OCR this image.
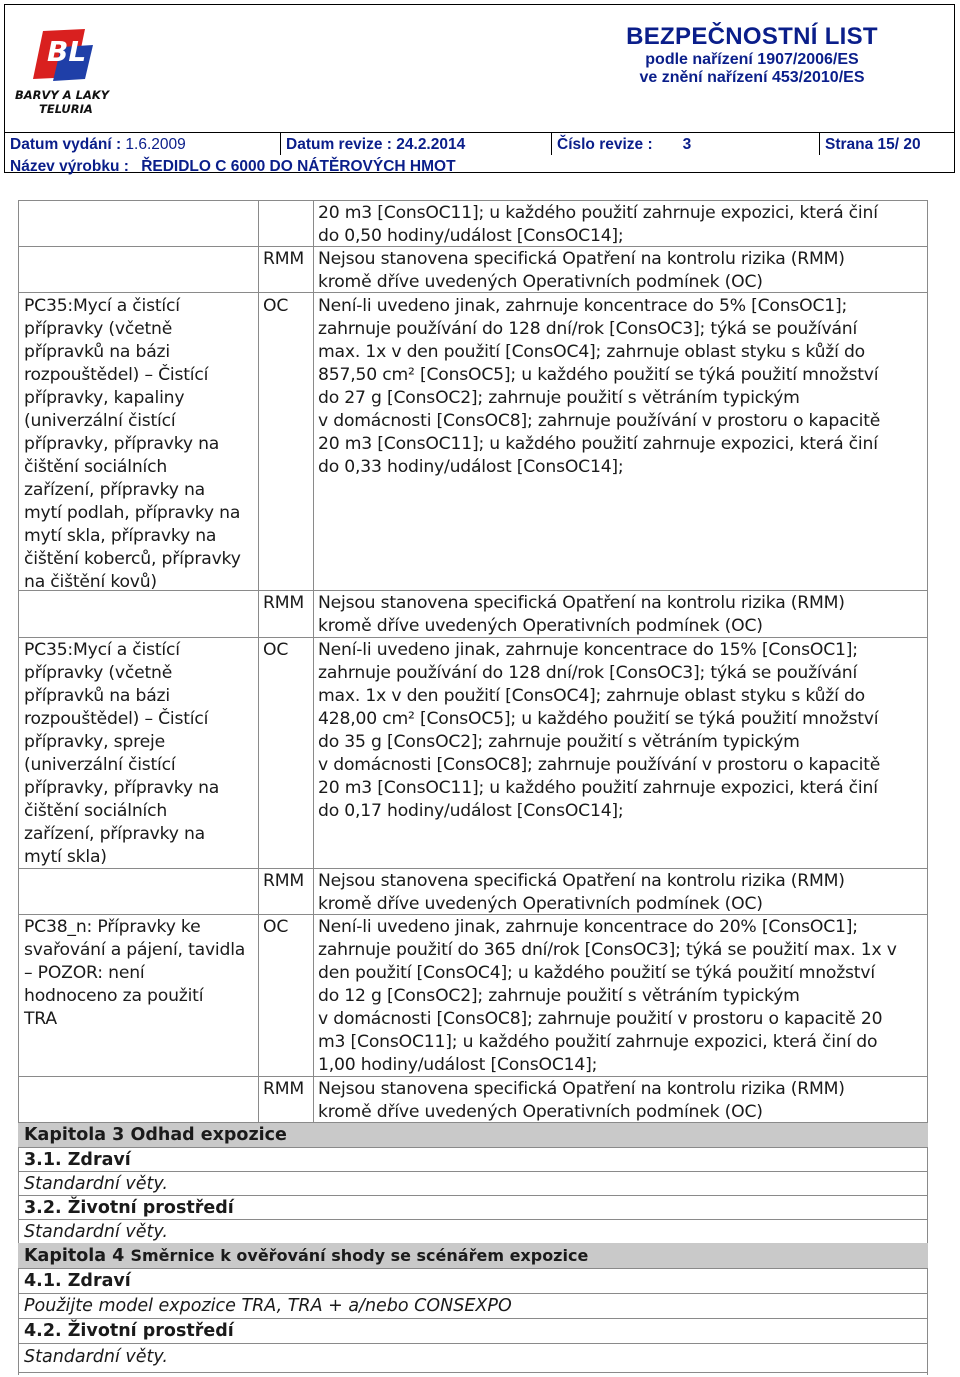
BL
BARVY A LAKY
TELURIA
BEZPEČNOSTNÍ LIST
podle nařízení 1907/2006/ES
ve znění nařízení 453/2010/ES
Datum vydání : 1.6.2009	Datum revize : 24.2.2014	Číslo revize : 3	Strana 15/ 20
Název výrobku : ŘEDIDLO C 6000 DO NÁTĚROVÝCH HMOT
20 m3 [ConsOC11]; u každého použití zahrnuje expozici, která činí
do 0,50 hodiny/událost [ConsOC14];
RMM Nejsou stanovena specifická Opatření na kontrolu rizika (RMM)
kromě dříve uvedených Operativních podmínek (OC)
PC35:Mycí a čistící
přípravky (včetně
přípravků na bázi
rozpouštědel) – Čistící
přípravky, kapaliny
(univerzální čistící
přípravky, přípravky na
čištění sociálních
zařízení, přípravky na
mytí podlah, přípravky na
mytí skla, přípravky na
čištění koberců, přípravky
na čištění kovů)
OC Není-li uvedeno jinak, zahrnuje koncentrace do 5% [ConsOC1];
zahrnuje používání do 128 dní/rok [ConsOC3]; týká se používání
max. 1x v den použití [ConsOC4]; zahrnuje oblast styku s kůží do
857,50 cm² [ConsOC5]; u každého použití se týká použití množství
do 27 g [ConsOC2]; zahrnuje použití s větráním typickým
v domácnosti [ConsOC8]; zahrnuje používání v prostoru o kapacitě
20 m3 [ConsOC11]; u každého použití zahrnuje expozici, která činí
do 0,33 hodiny/událost [ConsOC14];
RMM Nejsou stanovena specifická Opatření na kontrolu rizika (RMM)
kromě dříve uvedených Operativních podmínek (OC)
PC35:Mycí a čistící
přípravky (včetně
přípravků na bázi
rozpouštědel) – Čistící
přípravky, spreje
(univerzální čistící
přípravky, přípravky na
čištění sociálních
zařízení, přípravky na
mytí skla)
OC Není-li uvedeno jinak, zahrnuje koncentrace do 15% [ConsOC1];
zahrnuje používání do 128 dní/rok [ConsOC3]; týká se používání
max. 1x v den použití [ConsOC4]; zahrnuje oblast styku s kůží do
428,00 cm² [ConsOC5]; u každého použití se týká použití množství
do 35 g [ConsOC2]; zahrnuje použití s větráním typickým
v domácnosti [ConsOC8]; zahrnuje používání v prostoru o kapacitě
20 m3 [ConsOC11]; u každého použití zahrnuje expozici, která činí
do 0,17 hodiny/událost [ConsOC14];
RMM Nejsou stanovena specifická Opatření na kontrolu rizika (RMM)
kromě dříve uvedených Operativních podmínek (OC)
PC38_n: Přípravky ke
svařování a pájení, tavidla
– POZOR: není
hodnoceno za použití
TRA
OC Není-li uvedeno jinak, zahrnuje koncentrace do 20% [ConsOC1];
zahrnuje použití do 365 dní/rok [ConsOC3]; týká se použití max. 1x v
den použití [ConsOC4]; u každého použití se týká použití množství
do 12 g [ConsOC2]; zahrnuje použití s větráním typickým
v domácnosti [ConsOC8]; zahrnuje použití v prostoru o kapacitě 20
m3 [ConsOC11]; u každého použití zahrnuje expozici, která činí do
1,00 hodiny/událost [ConsOC14];
RMM Nejsou stanovena specifická Opatření na kontrolu rizika (RMM)
kromě dříve uvedených Operativních podmínek (OC)
Kapitola 3 Odhad expozice
3.1. Zdraví
Standardní věty.
3.2. Životní prostředí
Standardní věty.
Kapitola 4 Směrnice k ověřování shody se scénářem expozice
4.1. Zdraví
Použijte model expozice TRA, TRA + a/nebo CONSEXPO
4.2. Životní prostředí
Standardní věty.
